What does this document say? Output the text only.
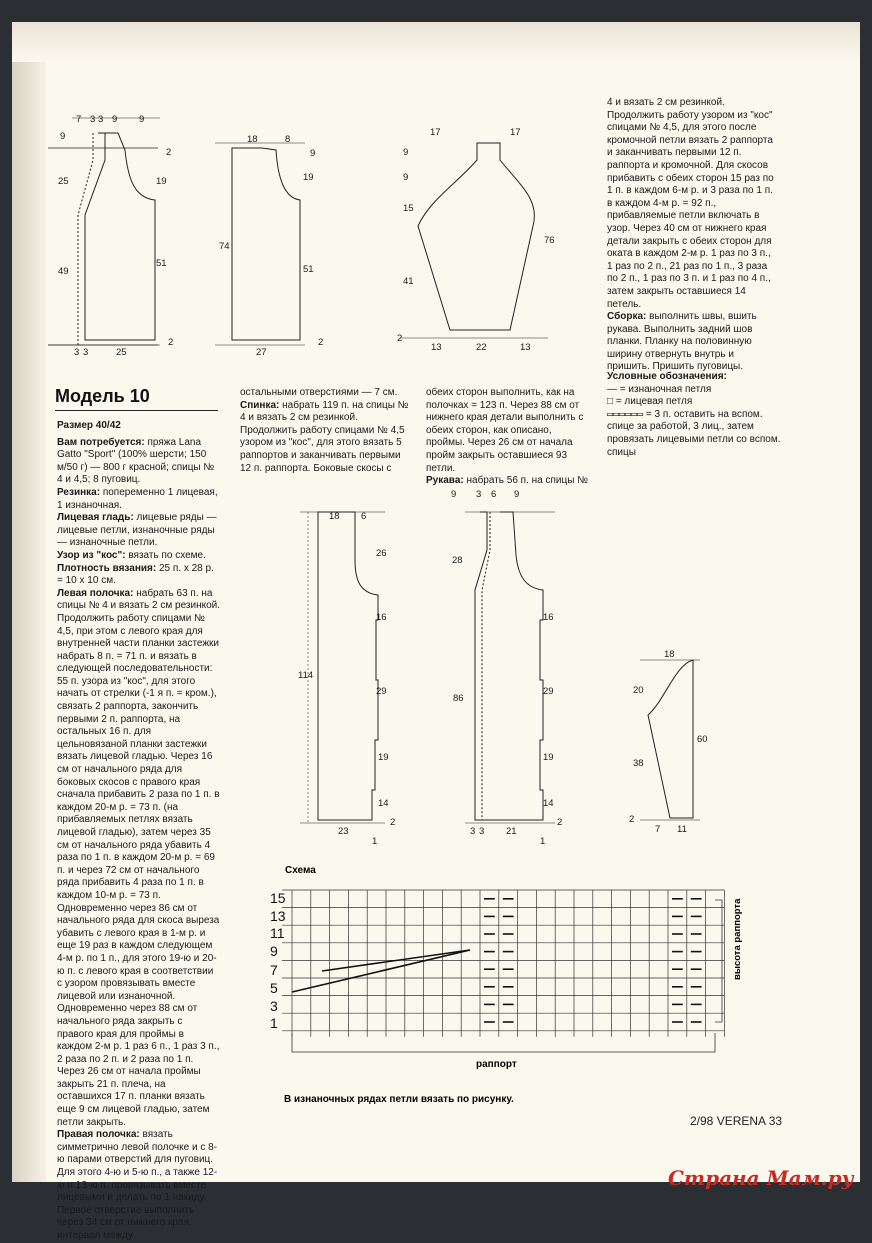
7 3 3 9 9
9
2
25	19
49
51
2
3 3	25
18	8
9
19
74
51
2
27
17	17
9
9
15
41
76
2
13	22	13

4 и вязать 2 см резинкой. Продолжить работу узором из "кос" спицами № 4,5, для этого после кромочной петли вязать 2 раппорта и заканчивать первыми 12 п. раппорта и кромочной. Для скосов прибавить с обеих сторон 15 раз по 1 п. в каждом 6-м р. и 3 раза по 1 п. в каждом 4-м р. = 92 п., прибавляемые петли включать в узор. Через 40 см от нижнего края детали закрыть с обеих сторон для оката в каждом 2-м р. 1 раз по 3 п., 1 раз по 2 п., 21 раз по 1 п., 3 раза по 2 п., 1 раз по 3 п. и 1 раз по 4 п., затем закрыть оставшиеся 14 петель.

Сборка: выполнить швы, вшить рукава. Выполнить задний шов планки. Планку на половинную ширину отвернуть внутрь и пришить. Пришить пуговицы.

Условные обозначения:

— = изнаночная петля

□ = лицевая петля

▭▭▭▭▭▭ = 3 п. оставить на вспом. спице за работой, 3 лиц., затем провязать лицевыми петли со вспом. спицы

Модель 10

Размер 40/42

Вам потребуется: пряжа Lana Gatto "Sport" (100% шерсти; 150 м/50 г) — 800 г красной; спицы № 4 и 4,5; 8 пуговиц.

Резинка: попеременно 1 лицевая, 1 изнаночная.

Лицевая гладь: лицевые ряды — лицевые петли, изнаночные ряды — изнаночные петли.

Узор из "кос": вязать по схеме.

Плотность вязания: 25 п. х 28 р. = 10 х 10 см.

Левая полочка: набрать 63 п. на спицы № 4 и вязать 2 см резинкой. Продолжить работу спицами № 4,5, при этом с левого края для внутренней части планки застежки набрать 8 п. = 71 п. и вязать в следующей последовательности: 55 п. узора из "кос", для этого начать от стрелки (-1 я п. = кром.), связать 2 раппорта, закончить первыми 2 п. раппорта, на остальных 16 п. для цельновязаной планки застежки вязать лицевой гладью. Через 16 см от начального ряда для боковых скосов с правого края сначала прибавить 2 раза по 1 п. в каждом 20-м р. = 73 п. (на прибавляемых петлях вязать лицевой гладью), затем через 35 см от начального ряда убавить 4 раза по 1 п. в каждом 20-м р. = 69 п. и через 72 см от начального ряда прибавить 4 раза по 1 п. в каждом 10-м р. = 73 п. Одновременно через 86 см от начального ряда для скоса выреза убавить с левого края в 1-м р. и еще 19 раз в каждом следующем 4-м р. по 1 п., для этого 19-ю и 20-ю п. с левого края в соответствии с узором провязывать вместе лицевой или изнаночной. Одновременно через 88 см от начального ряда закрыть с правого края для проймы в каждом 2-м р. 1 раз 6 п., 1 раз 3 п., 2 раза по 2 п. и 2 раза по 1 п. Через 26 см от начала проймы закрыть 21 п. плеча, на оставшихся 17 п. планки вязать еще 9 см лицевой гладью, затем петли закрыть.

Правая полочка: вязать симметрично левой полочке и с 8-ю парами отверстий для пуговиц. Для этого 4-ю и 5-ю п., а также 12-ю и 13-ю п. провязывать вместе лицевыми и делать по 1 накиду. Первое отверстие выполнить через 34 см от нижнего края, интервал между

остальными отверстиями — 7 см.

Спинка: набрать 119 п. на спицы № 4 и вязать 2 см резинкой. Продолжить работу спицами № 4,5 узором из "кос", для этого вязать 5 раппортов и заканчивать первыми 12 п. раппорта. Боковые скосы с

обеих сторон выполнить, как на полочках = 123 п. Через 88 см от нижнего края детали выполнить с обеих сторон, как описано, проймы. Через 26 см от начала пройм закрыть оставшиеся 93 петли.

Рукава: набрать 56 п. на спицы №

18 6
26
16
114
29
19
14
2
23
1
9 3 6 9
28
16
29
86
19
14
2
3 3 21
1
18
20
60
38
2
7 11
Схема
15
13
11
9
7
5
3
1
раппорт
высота раппорта
В изнаночных рядах петли вязать по рисунку.
2/98 VERENA 33
Страна Мам.ру
